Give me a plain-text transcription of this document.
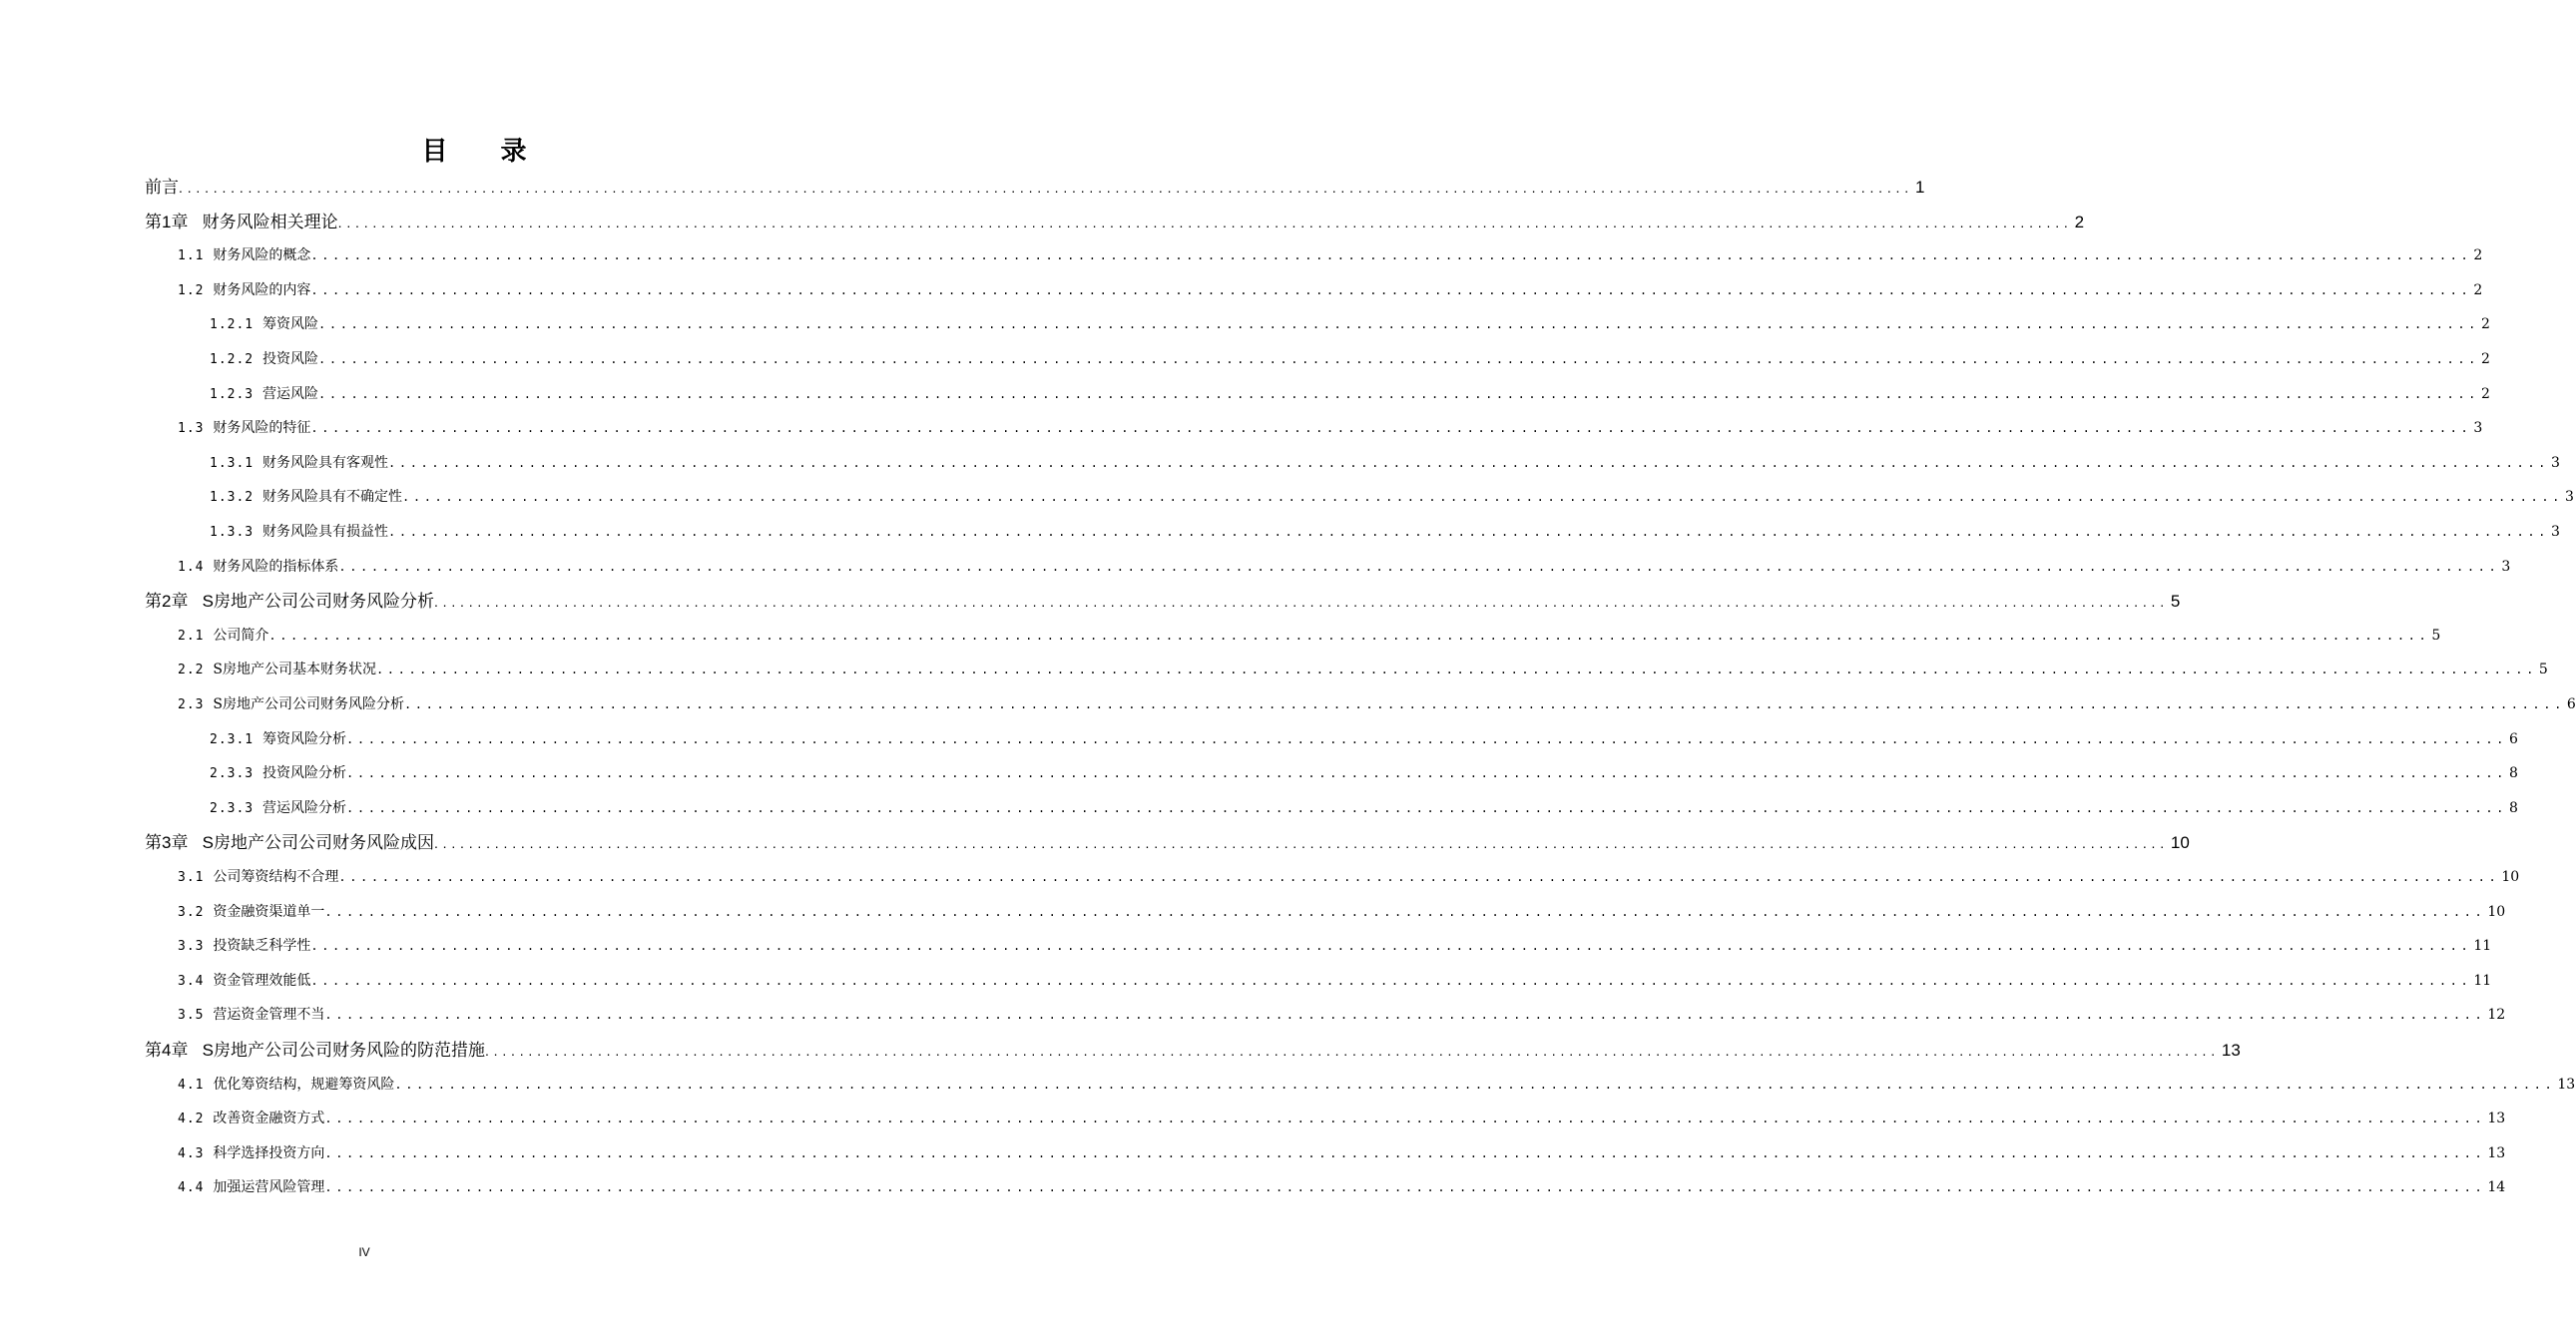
目 录
前言 ........................................................................................................................................................................................................ 1
第1章 财务风险相关理论 ........................................................................................................................................................................................................ 2
1.1 财务风险的概念 ........................................................................................................................................................................................................ 2
1.2 财务风险的内容 ........................................................................................................................................................................................................ 2
1.2.1 筹资风险 ........................................................................................................................................................................................................ 2
1.2.2 投资风险 ........................................................................................................................................................................................................ 2
1.2.3 营运风险 ........................................................................................................................................................................................................ 2
1.3 财务风险的特征 ........................................................................................................................................................................................................ 3
1.3.1 财务风险具有客观性 ........................................................................................................................................................................................................ 3
1.3.2 财务风险具有不确定性 ........................................................................................................................................................................................................ 3
1.3.3 财务风险具有损益性 ........................................................................................................................................................................................................ 3
1.4 财务风险的指标体系 ........................................................................................................................................................................................................ 3
第2章 S房地产公司公司财务风险分析 ........................................................................................................................................................................................................ 5
2.1 公司简介 ........................................................................................................................................................................................................ 5
2.2 S房地产公司基本财务状况 ........................................................................................................................................................................................................ 5
2.3 S房地产公司公司财务风险分析 ........................................................................................................................................................................................................ 6
2.3.1 筹资风险分析 ........................................................................................................................................................................................................ 6
2.3.3 投资风险分析 ........................................................................................................................................................................................................ 8
2.3.3 营运风险分析 ........................................................................................................................................................................................................ 8
第3章 S房地产公司公司财务风险成因 ........................................................................................................................................................................................................ 10
3.1 公司筹资结构不合理 ........................................................................................................................................................................................................ 10
3.2 资金融资渠道单一 ........................................................................................................................................................................................................ 10
3.3 投资缺乏科学性 ........................................................................................................................................................................................................ 11
3.4 资金管理效能低 ........................................................................................................................................................................................................ 11
3.5 营运资金管理不当 ........................................................................................................................................................................................................ 12
第4章 S房地产公司公司财务风险的防范措施 ........................................................................................................................................................................................................ 13
4.1 优化筹资结构，规避筹资风险 ........................................................................................................................................................................................................ 13
4.2 改善资金融资方式 ........................................................................................................................................................................................................ 13
4.3 科学选择投资方向 ........................................................................................................................................................................................................ 13
4.4 加强运营风险管理 ........................................................................................................................................................................................................ 14
IV
